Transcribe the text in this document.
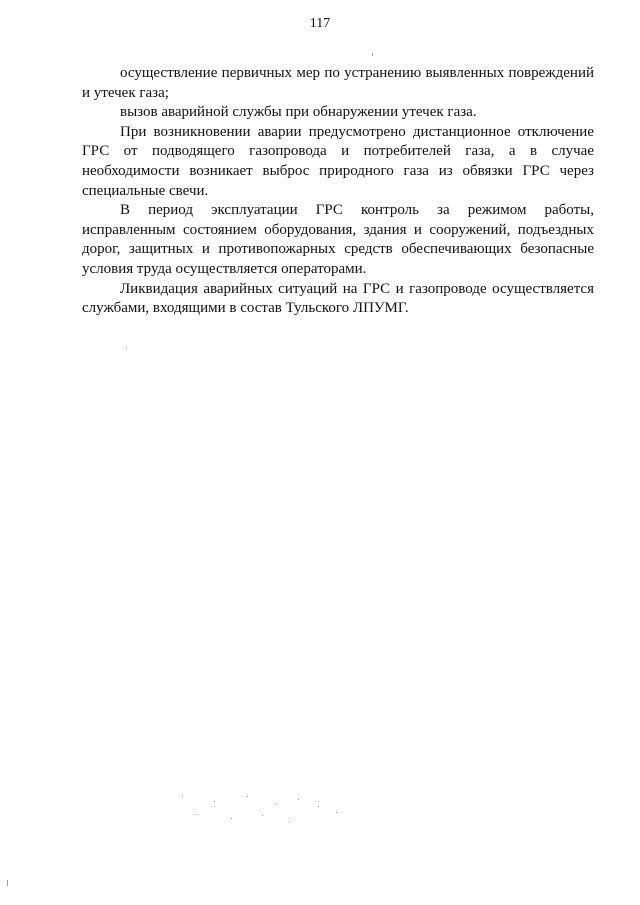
117

осуществление первичных мер по устранению выявленных повреждений
и утечек газа;

вызов аварийной службы при обнаружении утечек газа.

При возникновении аварии предусмотрено дистанционное отключение
ГРС от подводящего газопровода и потребителей газа, а в случае
необходимости возникает выброс природного газа из обвязки ГРС через
специальные свечи.

В период эксплуатации ГРС контроль за режимом работы,
исправленным состоянием оборудования, здания и сооружений, подъездных
дорог, защитных и противопожарных средств обеспечивающих безопасные
условия труда осуществляется операторами.

Ликвидация аварийных ситуаций на ГРС и газопроводе осуществляется
службами, входящими в состав Тульского ЛПУМГ.
